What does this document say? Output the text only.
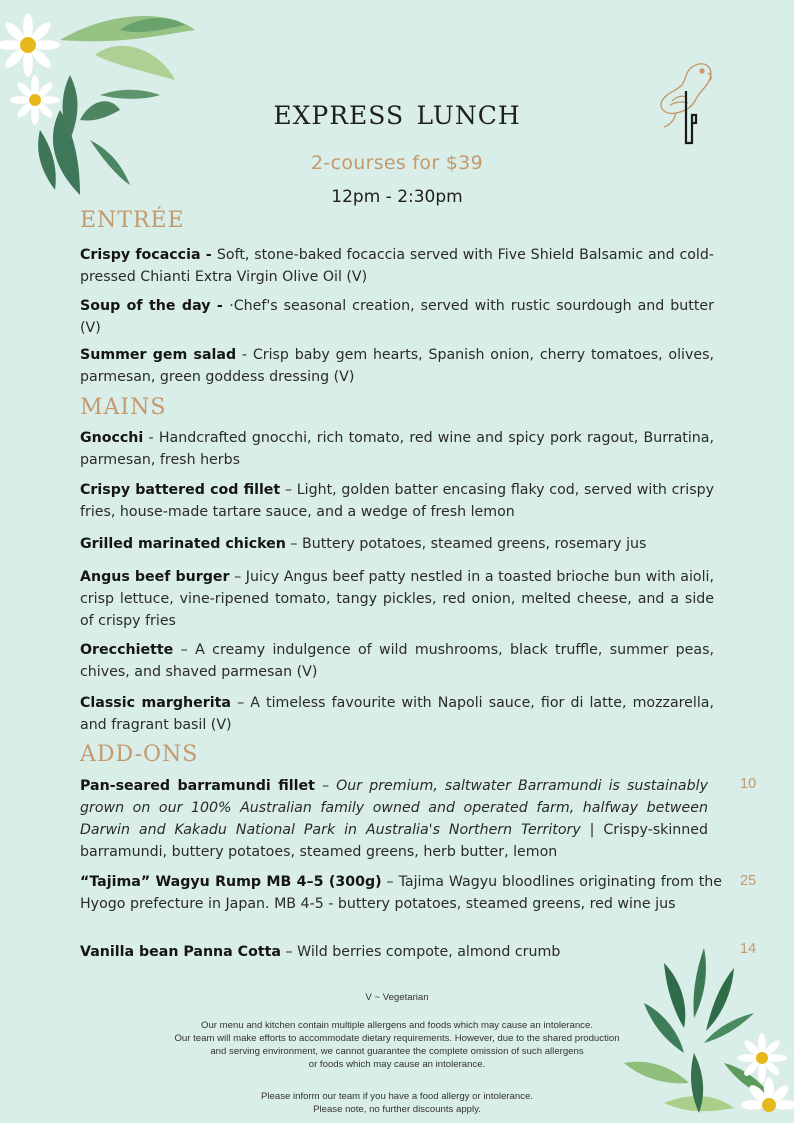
express lunch
2-courses for $39
12pm - 2:30pm
ENTRÉE
Crispy focaccia - Soft, stone-baked focaccia served with Five Shield Balsamic and cold-pressed Chianti Extra Virgin Olive Oil (V)
Soup of the day - ·Chef's seasonal creation, served with rustic sourdough and butter (V)
Summer gem salad - Crisp baby gem hearts, Spanish onion, cherry tomatoes, olives, parmesan, green goddess dressing (V)
MAINS
Gnocchi - Handcrafted gnocchi, rich tomato, red wine and spicy pork ragout, Burratina, parmesan, fresh herbs
Crispy battered cod fillet – Light, golden batter encasing flaky cod, served with crispy fries, house-made tartare sauce, and a wedge of fresh lemon
Grilled marinated chicken – Buttery potatoes, steamed greens, rosemary jus
Angus beef burger – Juicy Angus beef patty nestled in a toasted brioche bun with aioli, crisp lettuce, vine-ripened tomato, tangy pickles, red onion, melted cheese, and a side of crispy fries
Orecchiette – A creamy indulgence of wild mushrooms, black truffle, summer peas, chives, and shaved parmesan (V)
Classic margherita – A timeless favourite with Napoli sauce, fior di latte, mozzarella, and fragrant basil (V)
ADD-ONS
Pan-seared barramundi fillet – Our premium, saltwater Barramundi is sustainably grown on our 100% Australian family owned and operated farm, halfway between Darwin and Kakadu National Park in Australia's Northern Territory | Crispy-skinned barramundi, buttery potatoes, steamed greens, herb butter, lemon
10
“Tajima” Wagyu Rump MB 4–5 (300g) – Tajima Wagyu bloodlines originating from the Hyogo prefecture in Japan. MB 4-5 - buttery potatoes, steamed greens, red wine jus
25
Vanilla bean Panna Cotta – Wild berries compote, almond crumb	14
V ~ Vegetarian
Our menu and kitchen contain multiple allergens and foods which may cause an intolerance.
Our team will make efforts to accommodate dietary requirements. However, due to the shared production
and serving environment, we cannot guarantee the complete omission of such allergens
or foods which may cause an intolerance.
Please inform our team if you have a food allergy or intolerance.
Please note, no further discounts apply.
